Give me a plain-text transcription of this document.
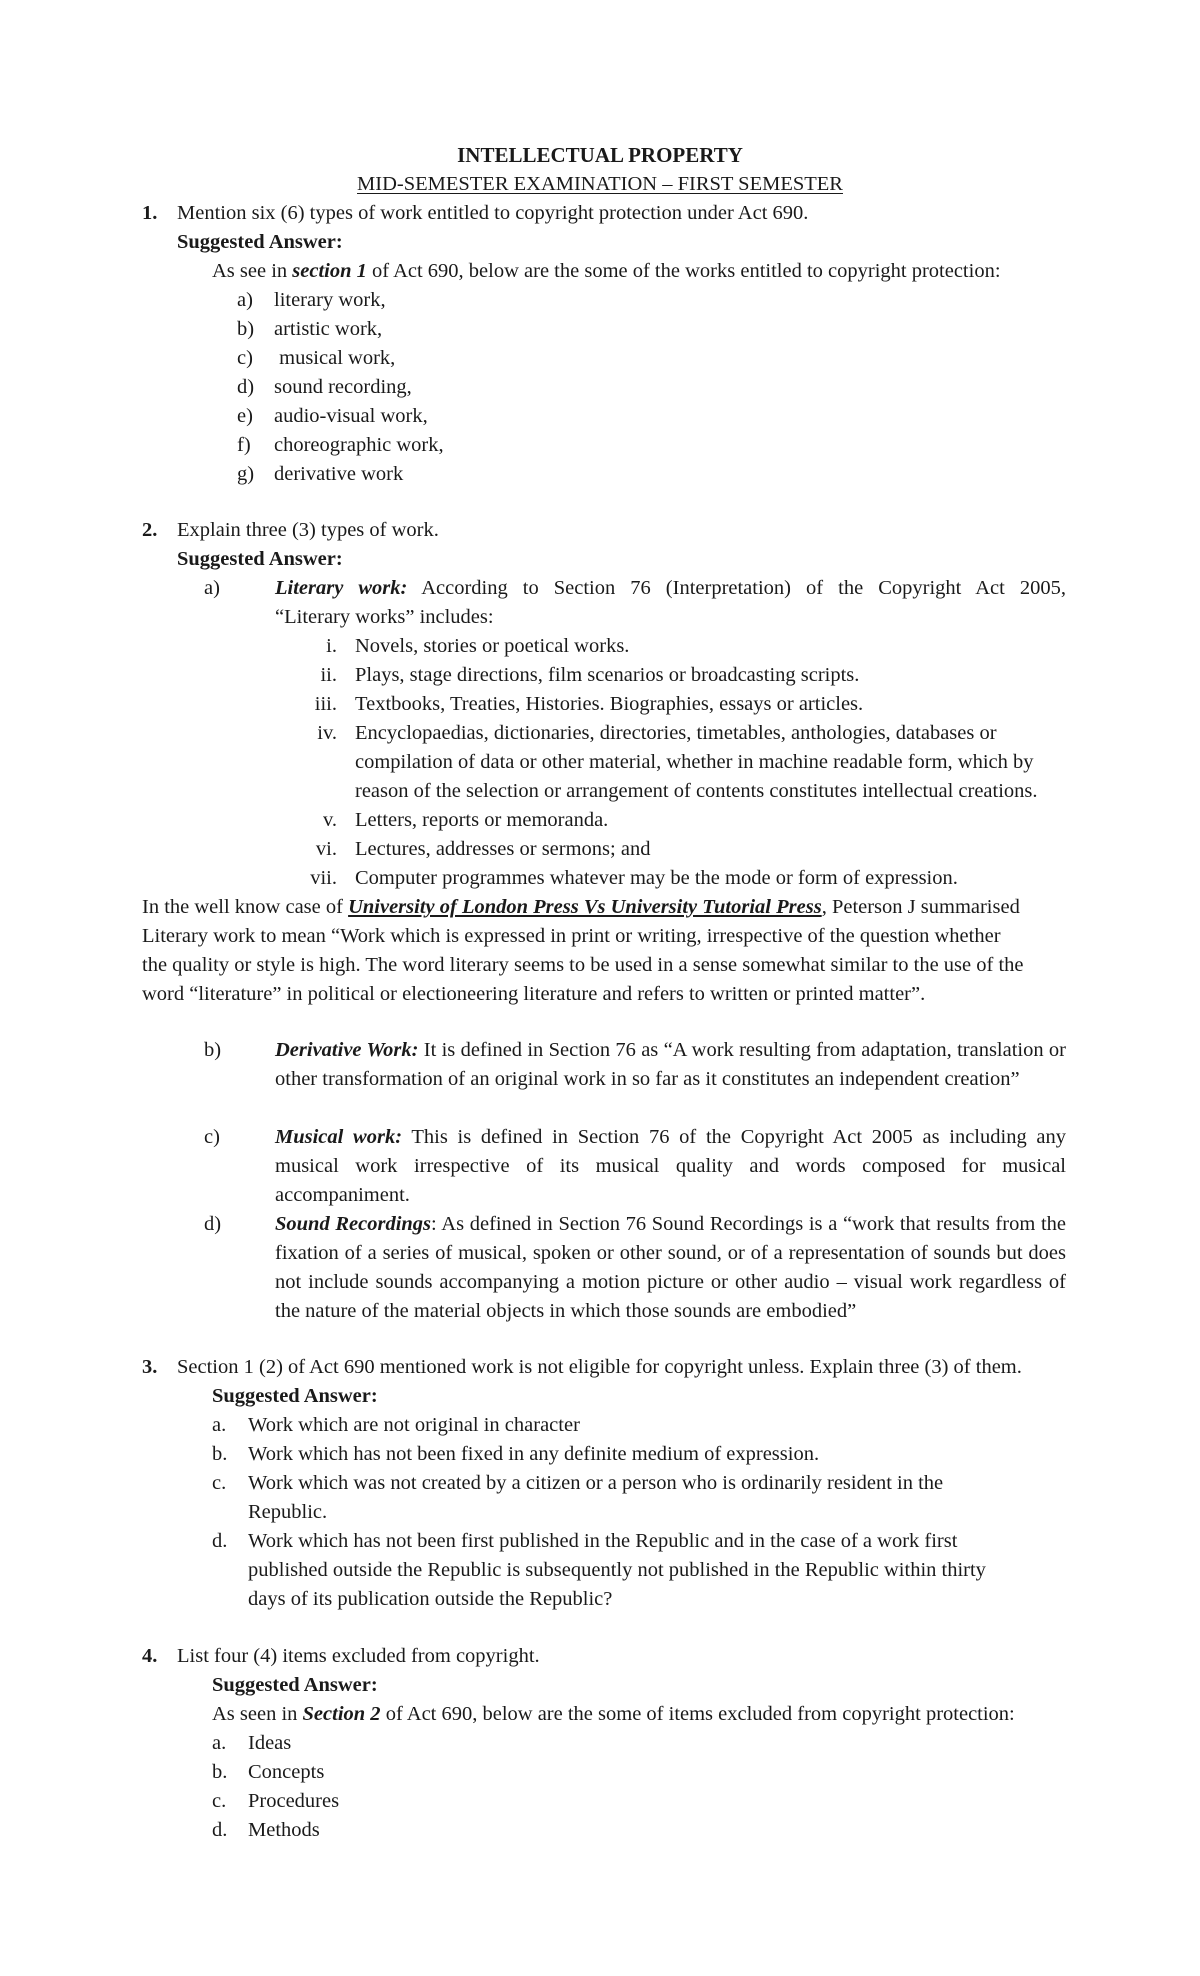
INTELLECTUAL PROPERTY
MID-SEMESTER EXAMINATION – FIRST SEMESTER
1. Mention six (6) types of work entitled to copyright protection under Act 690.
Suggested Answer:
As see in section 1 of Act 690, below are the some of the works entitled to copyright protection:
a) literary work,
b) artistic work,
c) musical work,
d) sound recording,
e) audio-visual work,
f) choreographic work,
g) derivative work
2. Explain three (3) types of work.
Suggested Answer:
a)	Literary work: According to Section 76 (Interpretation) of the Copyright Act 2005,
“Literary works” includes:
i. Novels, stories or poetical works.
ii. Plays, stage directions, film scenarios or broadcasting scripts.
iii. Textbooks, Treaties, Histories. Biographies, essays or articles.
iv. Encyclopaedias, dictionaries, directories, timetables, anthologies, databases or
compilation of data or other material, whether in machine readable form, which by
reason of the selection or arrangement of contents constitutes intellectual creations.
v. Letters, reports or memoranda.
vi. Lectures, addresses or sermons; and
vii. Computer programmes whatever may be the mode or form of expression.
In the well know case of University of London Press Vs University Tutorial Press, Peterson J summarised
Literary work to mean “Work which is expressed in print or writing, irrespective of the question whether
the quality or style is high. The word literary seems to be used in a sense somewhat similar to the use of the
word “literature” in political or electioneering literature and refers to written or printed matter”.
b)	Derivative Work: It is defined in Section 76 as “A work resulting from adaptation, translation or other transformation of an original work in so far as it constitutes an independent creation”
c)	Musical work: This is defined in Section 76 of the Copyright Act 2005 as including any musical work irrespective of its musical quality and words composed for musical accompaniment.
d)	Sound Recordings: As defined in Section 76 Sound Recordings is a “work that results from the fixation of a series of musical, spoken or other sound, or of a representation of sounds but does not include sounds accompanying a motion picture or other audio – visual work regardless of the nature of the material objects in which those sounds are embodied”
3. Section 1 (2) of Act 690 mentioned work is not eligible for copyright unless. Explain three (3) of them.
Suggested Answer:
a. Work which are not original in character
b. Work which has not been fixed in any definite medium of expression.
c. Work which was not created by a citizen or a person who is ordinarily resident in the
Republic.
d. Work which has not been first published in the Republic and in the case of a work first
published outside the Republic is subsequently not published in the Republic within thirty
days of its publication outside the Republic?
4. List four (4) items excluded from copyright.
Suggested Answer:
As seen in Section 2 of Act 690, below are the some of items excluded from copyright protection:
a. Ideas
b. Concepts
c. Procedures
d. Methods
